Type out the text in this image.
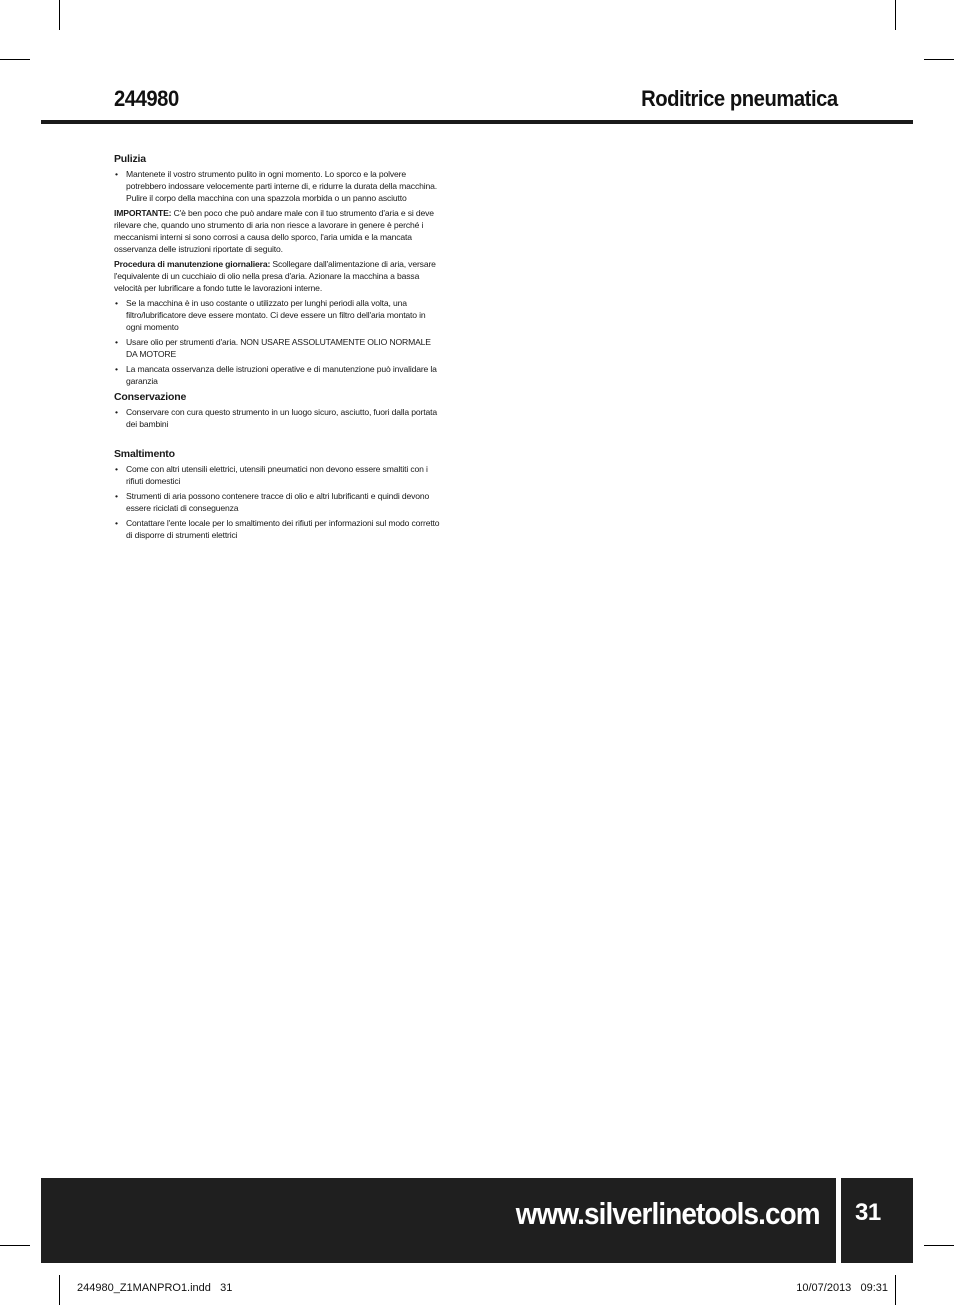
244980	Roditrice pneumatica
Pulizia
• Mantenete il vostro strumento pulito in ogni momento. Lo sporco e la polvere potrebbero indossare velocemente parti interne di, e ridurre la durata della macchina. Pulire il corpo della macchina con una spazzola morbida o un panno asciutto

IMPORTANTE: C'è ben poco che può andare male con il tuo strumento d'aria e si deve rilevare che, quando uno strumento di aria non riesce a lavorare in genere è perché i meccanismi interni si sono corrosi a causa dello sporco, l'aria umida e la mancata osservanza delle istruzioni riportate di seguito.

Procedura di manutenzione giornaliera: Scollegare dall'alimentazione di aria, versare l'equivalente di un cucchiaio di olio nella presa d'aria. Azionare la macchina a bassa velocità per lubrificare a fondo tutte le lavorazioni interne.

• Se la macchina è in uso costante o utilizzato per lunghi periodi alla volta, una filtro/lubrificatore deve essere montato. Ci deve essere un filtro dell'aria montato in ogni momento
• Usare olio per strumenti d'aria. NON USARE ASSOLUTAMENTE OLIO NORMALE DA MOTORE
• La mancata osservanza delle istruzioni operative e di manutenzione può invalidare la garanzia
Conservazione
• Conservare con cura questo strumento in un luogo sicuro, asciutto, fuori dalla portata dei bambini
Smaltimento
• Come con altri utensili elettrici, utensili pneumatici non devono essere smaltiti con i rifiuti domestici
• Strumenti di aria possono contenere tracce di olio e altri lubrificanti e quindi devono essere riciclati di conseguenza
• Contattare l'ente locale per lo smaltimento dei rifiuti per informazioni sul modo corretto di disporre di strumenti elettrici
www.silverlinetools.com 31
244980_Z1MANPRO1.indd   31	10/07/2013   09:31
